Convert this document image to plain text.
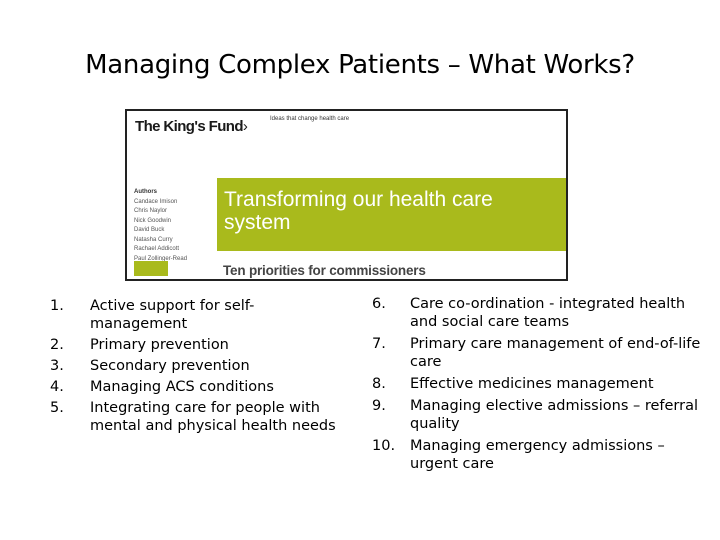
Managing Complex Patients – What Works?
The King's Fund›	Ideas that change health care
Authors
Candace Imison
Chris Naylor
Nick Goodwin
David Buck
Natasha Curry
Rachael Addicott
Paul Zollinger-Read
Transforming our health care system
Ten priorities for commissioners
1. Active support for self-management
2. Primary prevention
3. Secondary prevention
4. Managing ACS conditions
5. Integrating care for people with mental and physical health needs
6. Care co-ordination - integrated health and social care teams
7. Primary care management of end-of-life care
8. Effective medicines management
9. Managing elective admissions – referral quality
10. Managing emergency admissions – urgent care
